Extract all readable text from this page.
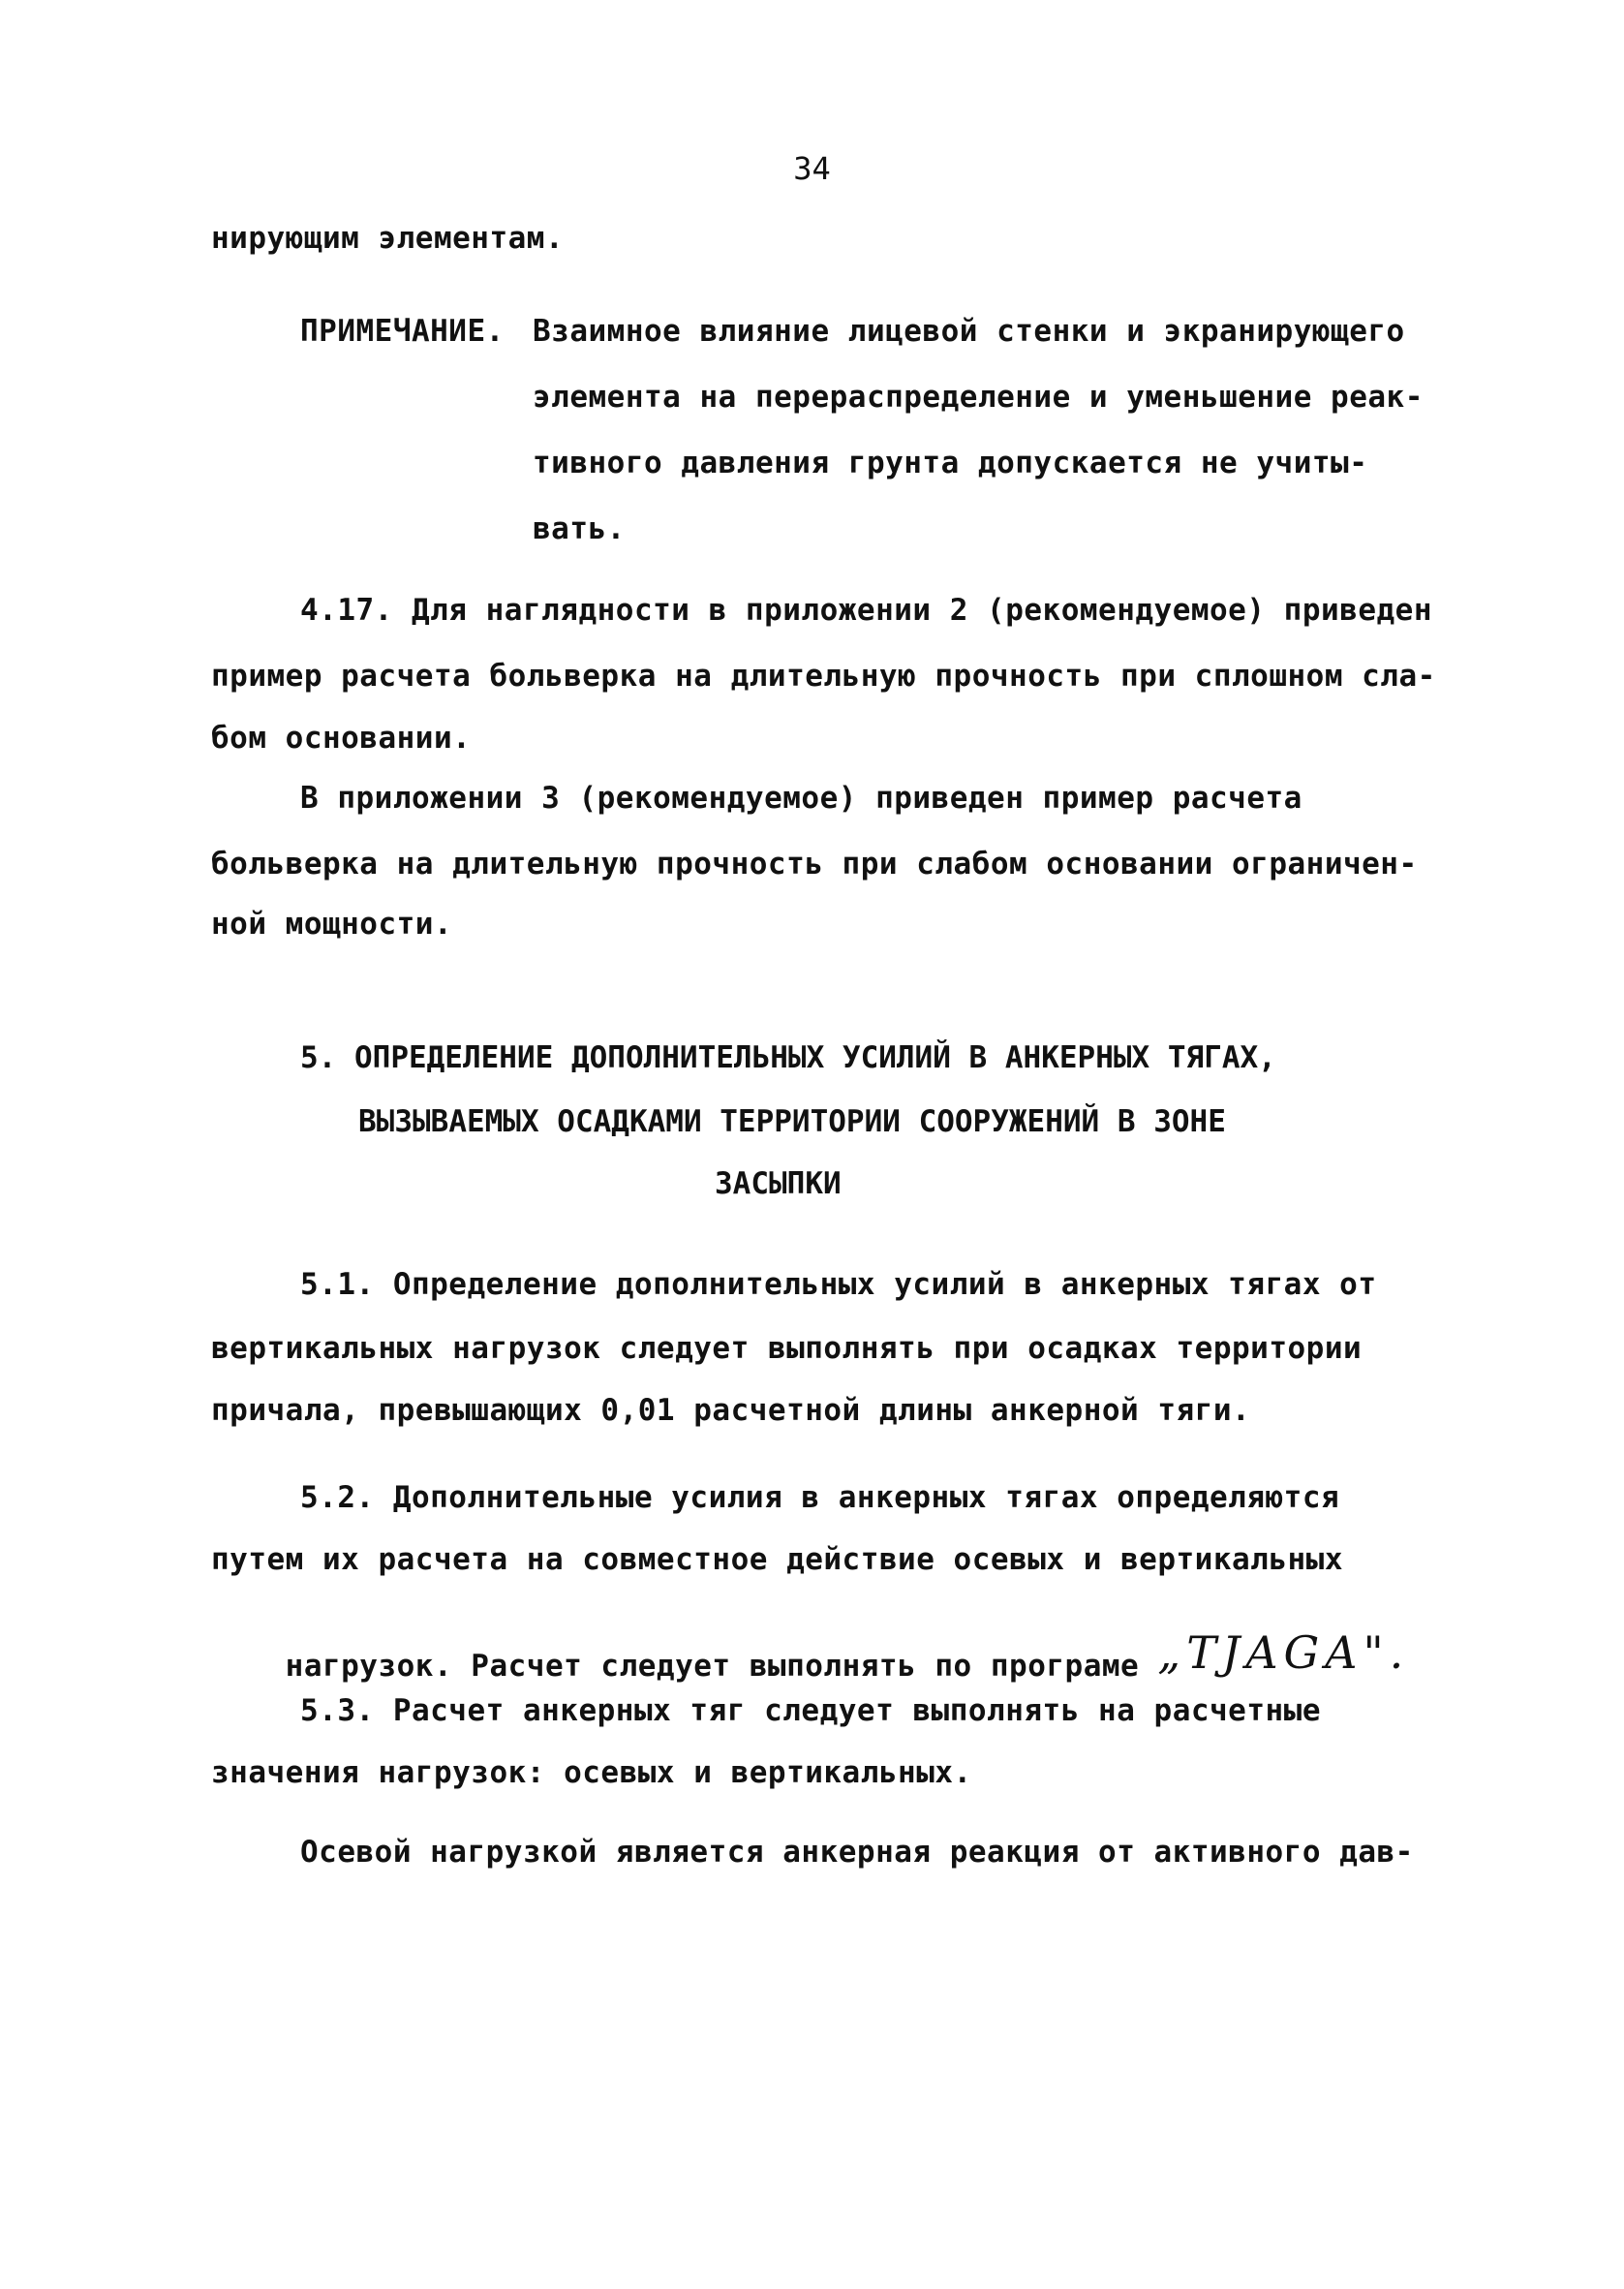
34
нирующим элементам.
ПРИМЕЧАНИЕ. Взаимное влияние лицевой стенки и экранирующего
элемента на перераспределение и уменьшение реак-
тивного давления грунта допускается не учиты-
вать.
4.17. Для наглядности в приложении 2 (рекомендуемое) приведен
пример расчета больверка на длительную прочность при сплошном сла-
бом основании.
В приложении 3 (рекомендуемое) приведен пример расчета
больверка на длительную прочность при слабом основании ограничен-
ной мощности.
5. ОПРЕДЕЛЕНИЕ ДОПОЛНИТЕЛЬНЫХ УСИЛИЙ В АНКЕРНЫХ ТЯГАХ,
ВЫЗЫВАЕМЫХ ОСАДКАМИ ТЕРРИТОРИИ СООРУЖЕНИЙ В ЗОНЕ
ЗАСЫПКИ
5.1. Определение дополнительных усилий в анкерных тягах от
вертикальных нагрузок следует выполнять при осадках территории
причала, превышающих 0,01 расчетной длины анкерной тяги.
5.2. Дополнительные усилия в анкерных тягах определяются
путем их расчета на совместное действие осевых и вертикальных

нагрузок. Расчет следует выполнять по програме „TJAGA".

5.3. Расчет анкерных тяг следует выполнять на расчетные
значения нагрузок: осевых и вертикальных.
Осевой нагрузкой является анкерная реакция от активного дав-
